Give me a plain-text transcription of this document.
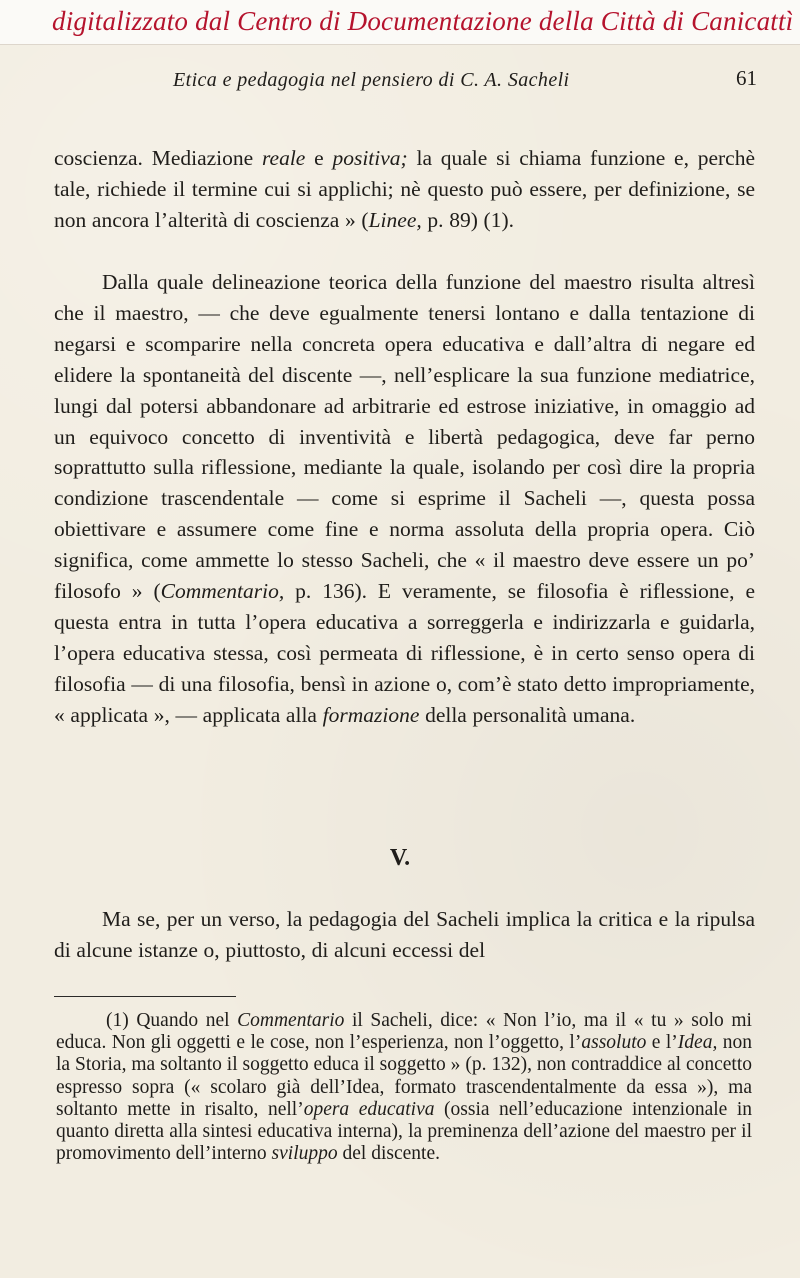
digitalizzato dal Centro di Documentazione della Città di Canicattì
Etica e pedagogia nel pensiero di C. A. Sacheli	61

coscienza. Mediazione reale e positiva; la quale si chiama funzione e, perchè tale, richiede il termine cui si applichi; nè questo può essere, per definizione, se non ancora l’alterità di coscienza » (Linee, p. 89) (1).

Dalla quale delineazione teorica della funzione del maestro risulta altresì che il maestro, — che deve egualmente tenersi lontano e dalla tentazione di negarsi e scomparire nella concreta opera educativa e dall’altra di negare ed elidere la spontaneità del discente —, nell’esplicare la sua funzione mediatrice, lungi dal potersi abbandonare ad arbitrarie ed estrose iniziative, in omaggio ad un equivoco concetto di inventività e libertà pedagogica, deve far perno soprattutto sulla riflessione, mediante la quale, isolando per così dire la propria condizione trascendentale — come si esprime il Sacheli —, questa possa obiettivare e assumere come fine e norma assoluta della propria opera. Ciò significa, come ammette lo stesso Sacheli, che « il maestro deve essere un po’ filosofo » (Commentario, p. 136). E veramente, se filosofia è riflessione, e questa entra in tutta l’opera educativa a sorreggerla e indirizzarla e guidarla, l’opera educativa stessa, così permeata di riflessione, è in certo senso opera di filosofia — di una filosofia, bensì in azione o, com’è stato detto impropriamente, « applicata », — applicata alla formazione della personalità umana.

V.

Ma se, per un verso, la pedagogia del Sacheli implica la critica e la ripulsa di alcune istanze o, piuttosto, di alcuni eccessi del

(1) Quando nel Commentario il Sacheli, dice: « Non l’io, ma il « tu » solo mi educa. Non gli oggetti e le cose, non l’esperienza, non l’oggetto, l’assoluto e l’Idea, non la Storia, ma soltanto il soggetto educa il soggetto » (p. 132), non contraddice al concetto espresso sopra (« scolaro già dell’Idea, formato trascendentalmente da essa »), ma soltanto mette in risalto, nell’opera educativa (ossia nell’educazione intenzionale in quanto diretta alla sintesi educativa interna), la preminenza dell’azione del maestro per il promovimento dell’interno sviluppo del discente.
